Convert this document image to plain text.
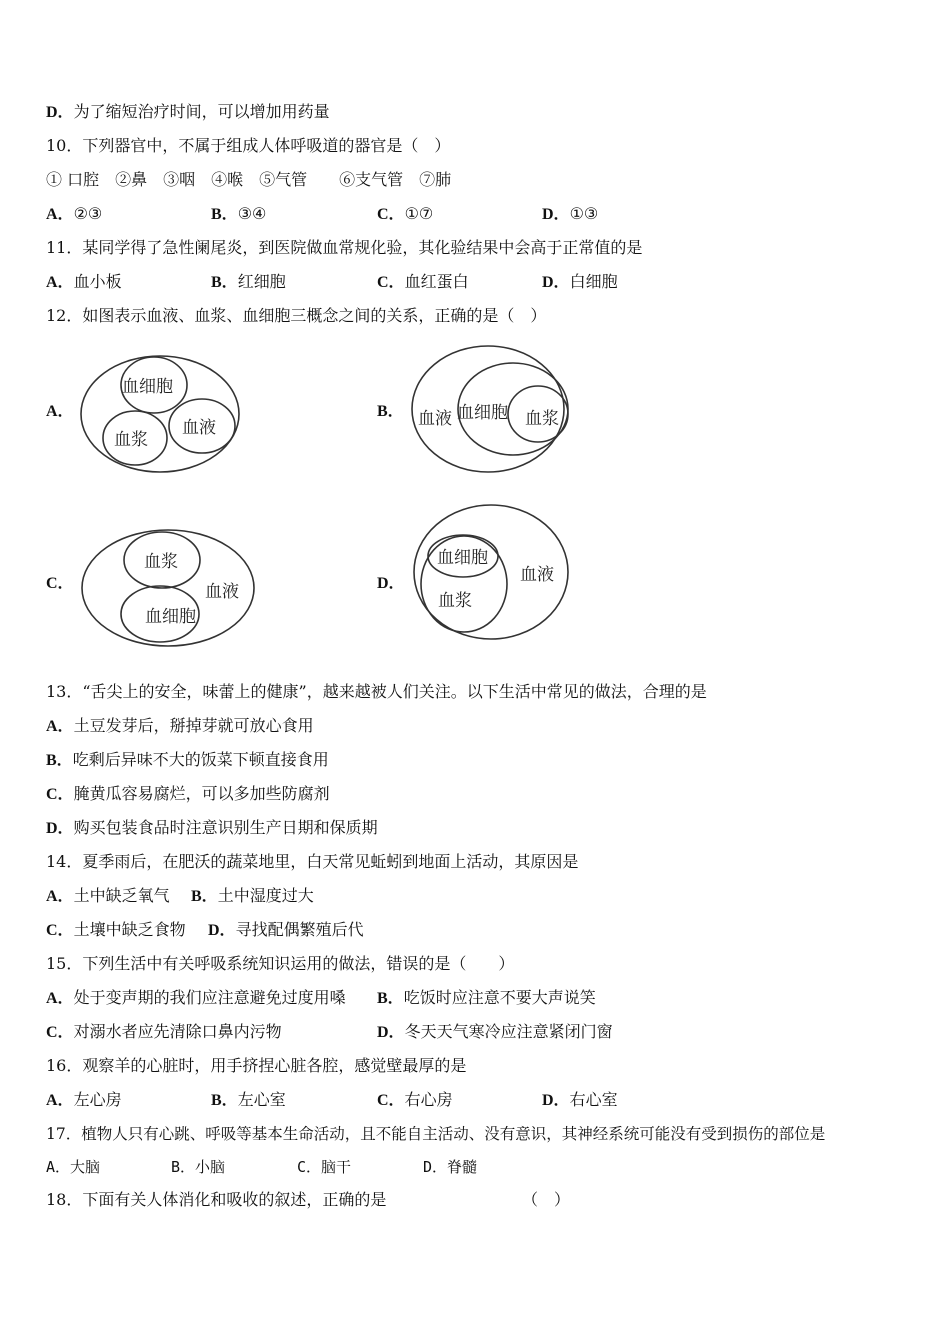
D．为了缩短治疗时间，可以增加用药量
10．下列器官中，不属于组成人体呼吸道的器官是（　）
① 口腔　②鼻　③咽　④喉　⑤气管　　⑥支气管　⑦肺
A．②③	B．③④	C．①⑦	D．①③
11．某同学得了急性阑尾炎，到医院做血常规化验，其化验结果中会高于正常值的是
A．血小板	B．红细胞	C．血红蛋白	D．白细胞
12．如图表示血液、血浆、血细胞三概念之间的关系，正确的是（　）
A．
血细胞
血浆
血液
B． 血液 血细胞 血浆
C．
血浆
血液
血细胞
D．
血细胞
血浆
血液
13．“舌尖上的安全，味蕾上的健康”，越来越被人们关注。以下生活中常见的做法，合理的是
A．土豆发芽后，掰掉芽就可放心食用
B．吃剩后异味不大的饭菜下顿直接食用
C．腌黄瓜容易腐烂，可以多加些防腐剂
D．购买包装食品时注意识别生产日期和保质期
14．夏季雨后，在肥沃的蔬菜地里，白天常见蚯蚓到地面上活动，其原因是
A．土中缺乏氧气 B．土中湿度过大
C．土壤中缺乏食物 D．寻找配偶繁殖后代
15．下列生活中有关呼吸系统知识运用的做法，错误的是（　　）
A．处于变声期的我们应注意避免过度用嗓 B．吃饭时应注意不要大声说笑
C．对溺水者应先清除口鼻内污物	D．冬天天气寒冷应注意紧闭门窗
16．观察羊的心脏时，用手挤捏心脏各腔，感觉壁最厚的是
A．左心房	B．左心室	C．右心房	D．右心室
17．植物人只有心跳、呼吸等基本生命活动，且不能自主活动、没有意识，其神经系统可能没有受到损伤的部位是
A．大脑	B．小脑	C．脑干	D．脊髓
18．下面有关人体消化和吸收的叙述，正确的是	（　）
